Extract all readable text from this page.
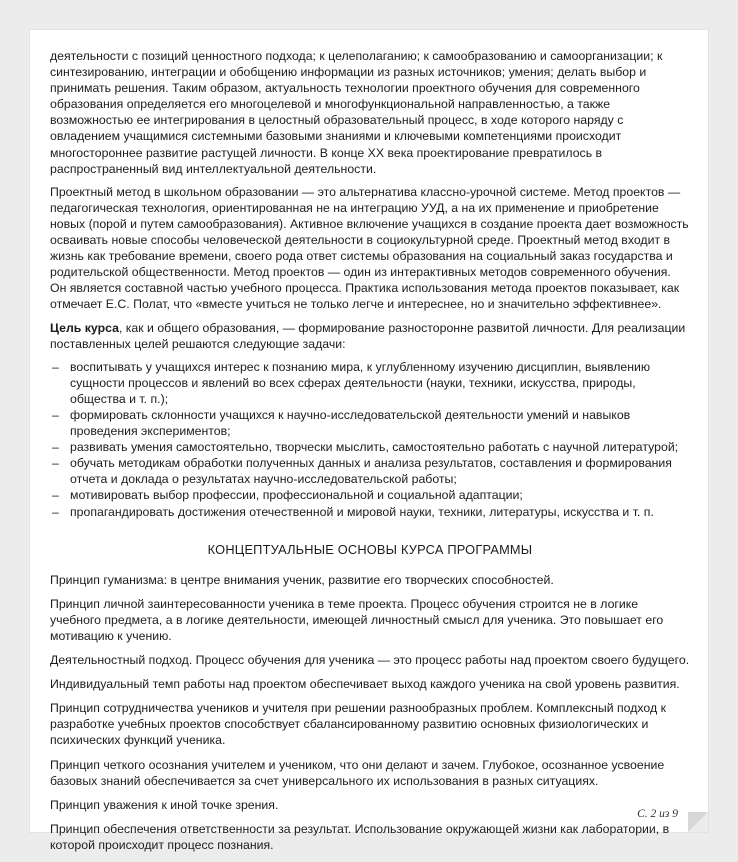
деятельности с позиций ценностного подхода; к целеполаганию; к самообразованию и самоорганизации; к синтезированию, интеграции и обобщению информации из разных источников; умения; делать выбор и принимать решения. Таким образом, актуальность технологии проектного обучения для современного образования определяется его многоцелевой и многофункциональной направленностью, а также возможностью ее интегрирования в целостный образовательный процесс, в ходе которого наряду с овладением учащимися системными базовыми знаниями и ключевыми компетенциями происходит многостороннее развитие растущей личности. В конце XX века проектирование превратилось в распространенный вид интеллектуальной деятельности.

Проектный метод в школьном образовании — это альтернатива классно-урочной системе. Метод проектов — педагогическая технология, ориентированная не на интеграцию УУД, а на их применение и приобретение новых (порой и путем самообразования). Активное включение учащихся в создание проекта дает возможность осваивать новые способы человеческой деятельности в социокультурной среде. Проектный метод входит в жизнь как требование времени, своего рода ответ системы образования на социальный заказ государства и родительской общественности. Метод проектов — один из интерактивных методов современного обучения. Он является составной частью учебного процесса. Практика использования метода проектов показывает, как отмечает Е.С. Полат, что «вместе учиться не только легче и интереснее, но и значительно эффективнее».

Цель курса, как и общего образования, — формирование разносторонне развитой личности. Для реализации поставленных целей решаются следующие задачи:

– воспитывать у учащихся интерес к познанию мира, к углубленному изучению дисциплин, выявлению сущности процессов и явлений во всех сферах деятельности (науки, техники, искусства, природы, общества и т. п.);
– формировать склонности учащихся к научно-исследовательской деятельности умений и навыков проведения экспериментов;
– развивать умения самостоятельно, творчески мыслить, самостоятельно работать с научной литературой;
– обучать методикам обработки полученных данных и анализа результатов, составления и формирования отчета и доклада о результатах научно-исследовательской работы;
– мотивировать выбор профессии, профессиональной и социальной адаптации;
– пропагандировать достижения отечественной и мировой науки, техники, литературы, искусства и т. п.
КОНЦЕПТУАЛЬНЫЕ ОСНОВЫ КУРСА ПРОГРАММЫ

Принцип гуманизма: в центре внимания ученик, развитие его творческих способностей.

Принцип личной заинтересованности ученика в теме проекта. Процесс обучения строится не в логике учебного предмета, а в логике деятельности, имеющей личностный смысл для ученика. Это повышает его мотивацию к учению.

Деятельностный подход. Процесс обучения для ученика — это процесс работы над проектом своего будущего.

Индивидуальный темп работы над проектом обеспечивает выход каждого ученика на свой уровень развития.

Принцип сотрудничества учеников и учителя при решении разнообразных проблем. Комплексный подход к разработке учебных проектов способствует сбалансированному развитию основных физиологических и психических функций ученика.

Принцип четкого осознания учителем и учеником, что они делают и зачем. Глубокое, осознанное усвоение базовых знаний обеспечивается за счет универсального их использования в разных ситуациях.

Принцип уважения к иной точке зрения.

Принцип обеспечения ответственности за результат. Использование окружающей жизни как лаборатории, в которой происходит процесс познания.

С. 2 из 9
